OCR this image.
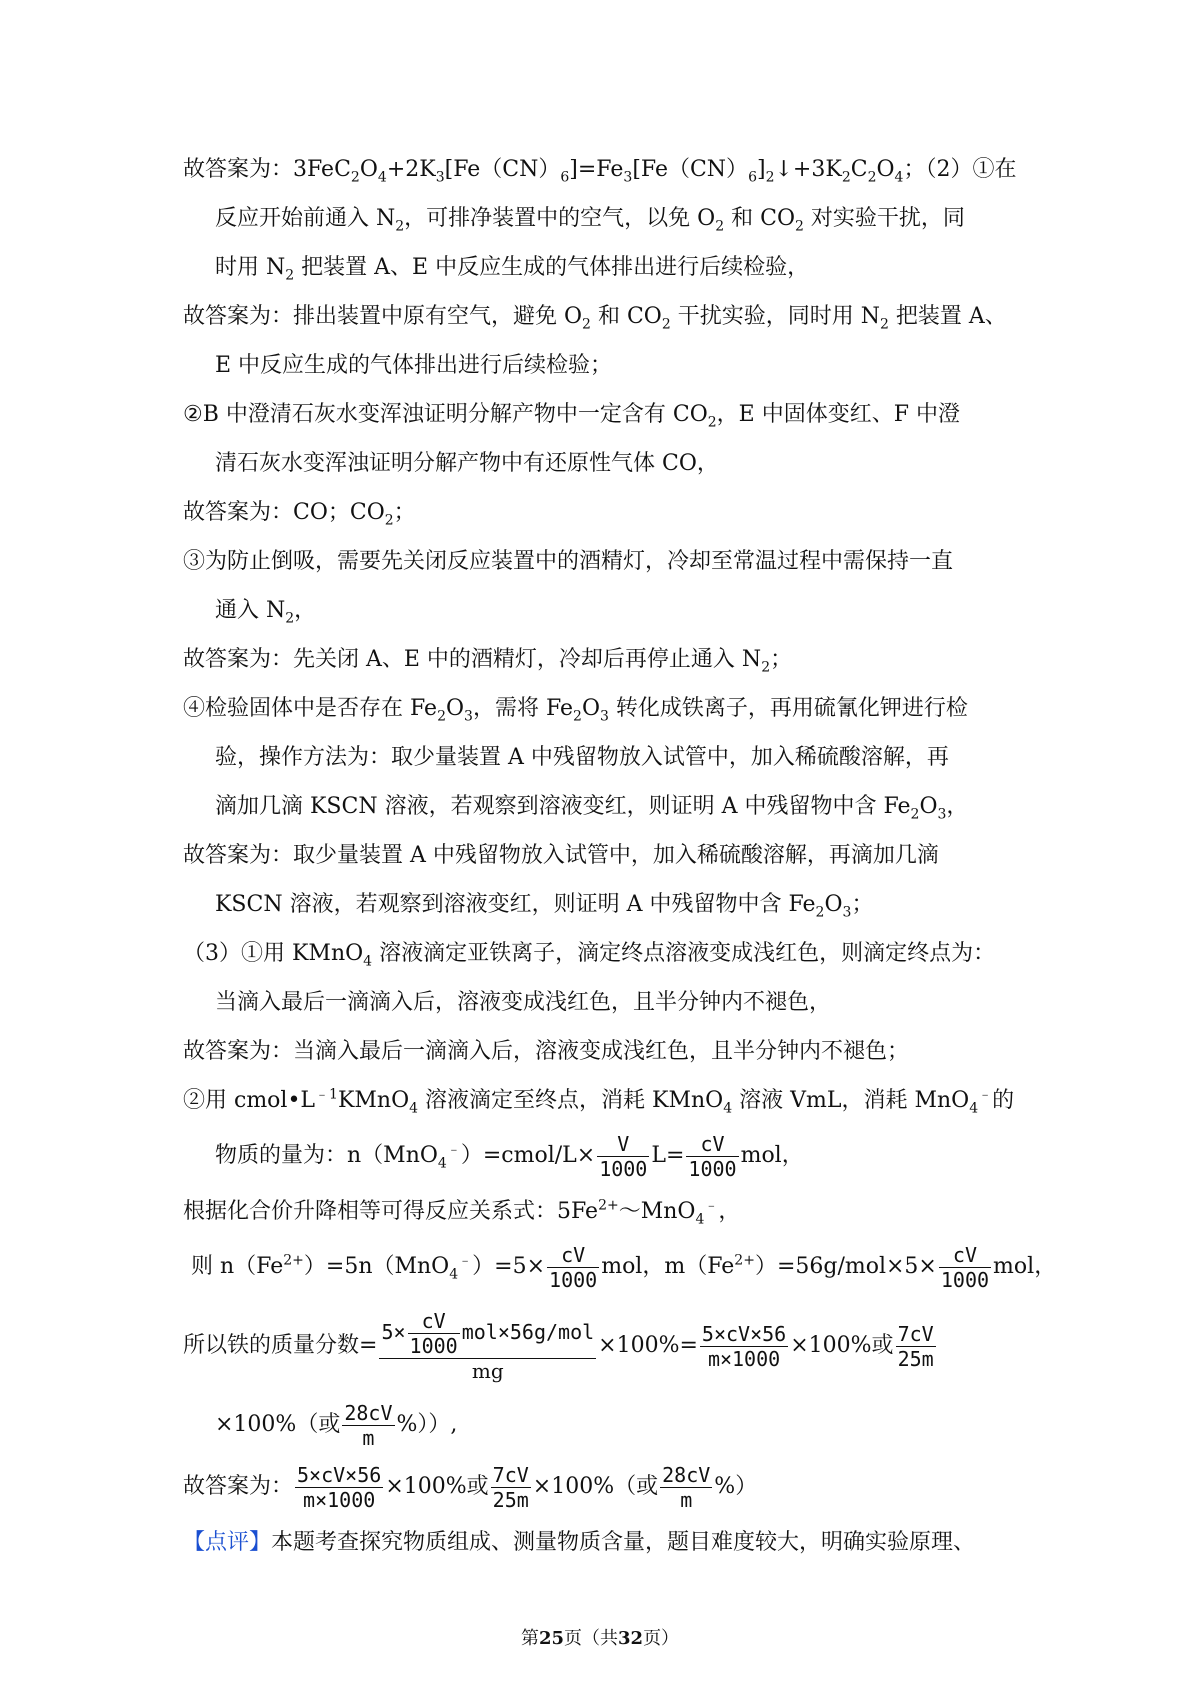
故答案为：$3FeC_2O_4+2K_3[Fe(CN)_6]=Fe_3[Fe(CN)_6]_2↓+3K_2C_2O_4$；（2）①在

反应开始前通入 $N_2$，可排净装置中的空气，以免 $O_2$ 和 $CO_2$ 对实验干扰，同

时用 $N_2$ 把装置 A、E 中反应生成的气体排出进行后续检验，

故答案为：排出装置中原有空气，避免 $O_2$ 和 $CO_2$ 干扰实验，同时用 $N_2$ 把装置 A、

E 中反应生成的气体排出进行后续检验；

②B 中澄清石灰水变浑浊证明分解产物中一定含有 $CO_2$，E 中固体变红、F 中澄

清石灰水变浑浊证明分解产物中有还原性气体 CO，

故答案为：CO；$CO_2$；

③为防止倒吸，需要先关闭反应装置中的酒精灯，冷却至常温过程中需保持一直

通入 $N_2$，

故答案为：先关闭 A、E 中的酒精灯，冷却后再停止通入 $N_2$；

④检验固体中是否存在 $Fe_2O_3$，需将 $Fe_2O_3$ 转化成铁离子，再用硫氰化钾进行检

验，操作方法为：取少量装置 A 中残留物放入试管中，加入稀硫酸溶解，再

滴加几滴 KSCN 溶液，若观察到溶液变红，则证明 A 中残留物中含 $Fe_2O_3$，

故答案为：取少量装置 A 中残留物放入试管中，加入稀硫酸溶解，再滴加几滴

KSCN 溶液，若观察到溶液变红，则证明 A 中残留物中含 $Fe_2O_3$；

（3）①用 KMnO$_4$ 溶液滴定亚铁离子，滴定终点溶液变成浅红色，则滴定终点为：

当滴入最后一滴滴入后，溶液变成浅红色，且半分钟内不褪色，

故答案为：当滴入最后一滴滴入后，溶液变成浅红色，且半分钟内不褪色；

②用 $cmol•L^{﹣1}KMnO_4$ 溶液滴定至终点，消耗 KMnO$_4$ 溶液 VmL，消耗 MnO$_4$﹣的

物质的量为：n（MnO$_4$﹣）=cmol/L× $\frac{V}{1000} L= \frac{cV}{1000}$ mol，

根据化合价升降相等可得反应关系式：$5Fe^{2+}\sim MnO_4^﹣$，

则 $n(Fe^{2+})=5n(MnO_4^﹣)=5\times \frac{cV}{1000}$ mol，$m(Fe^{2+})=56g/mol\times 5\times \frac{cV}{1000}$ mol，

所以铁的质量分数= $\frac{5\times \frac{cV}{1000} mol\times 56g/mol}{mg} \times 100\%= \frac{5\times cV\times 56}{m\times 1000} \times 100\%$或 $\frac{7cV}{25m}$

×100%（或 $\frac{28cV}{m}$ %））,

故答案为： $\frac{5\times cV\times 56}{m\times 1000} \times 100\%$或 $\frac{7cV}{25m} \times 100\%$（或 $\frac{28cV}{m}$ %）

【点评】本题考查探究物质组成、测量物质含量，题目难度较大，明确实验原理、

第25页（共32页）
